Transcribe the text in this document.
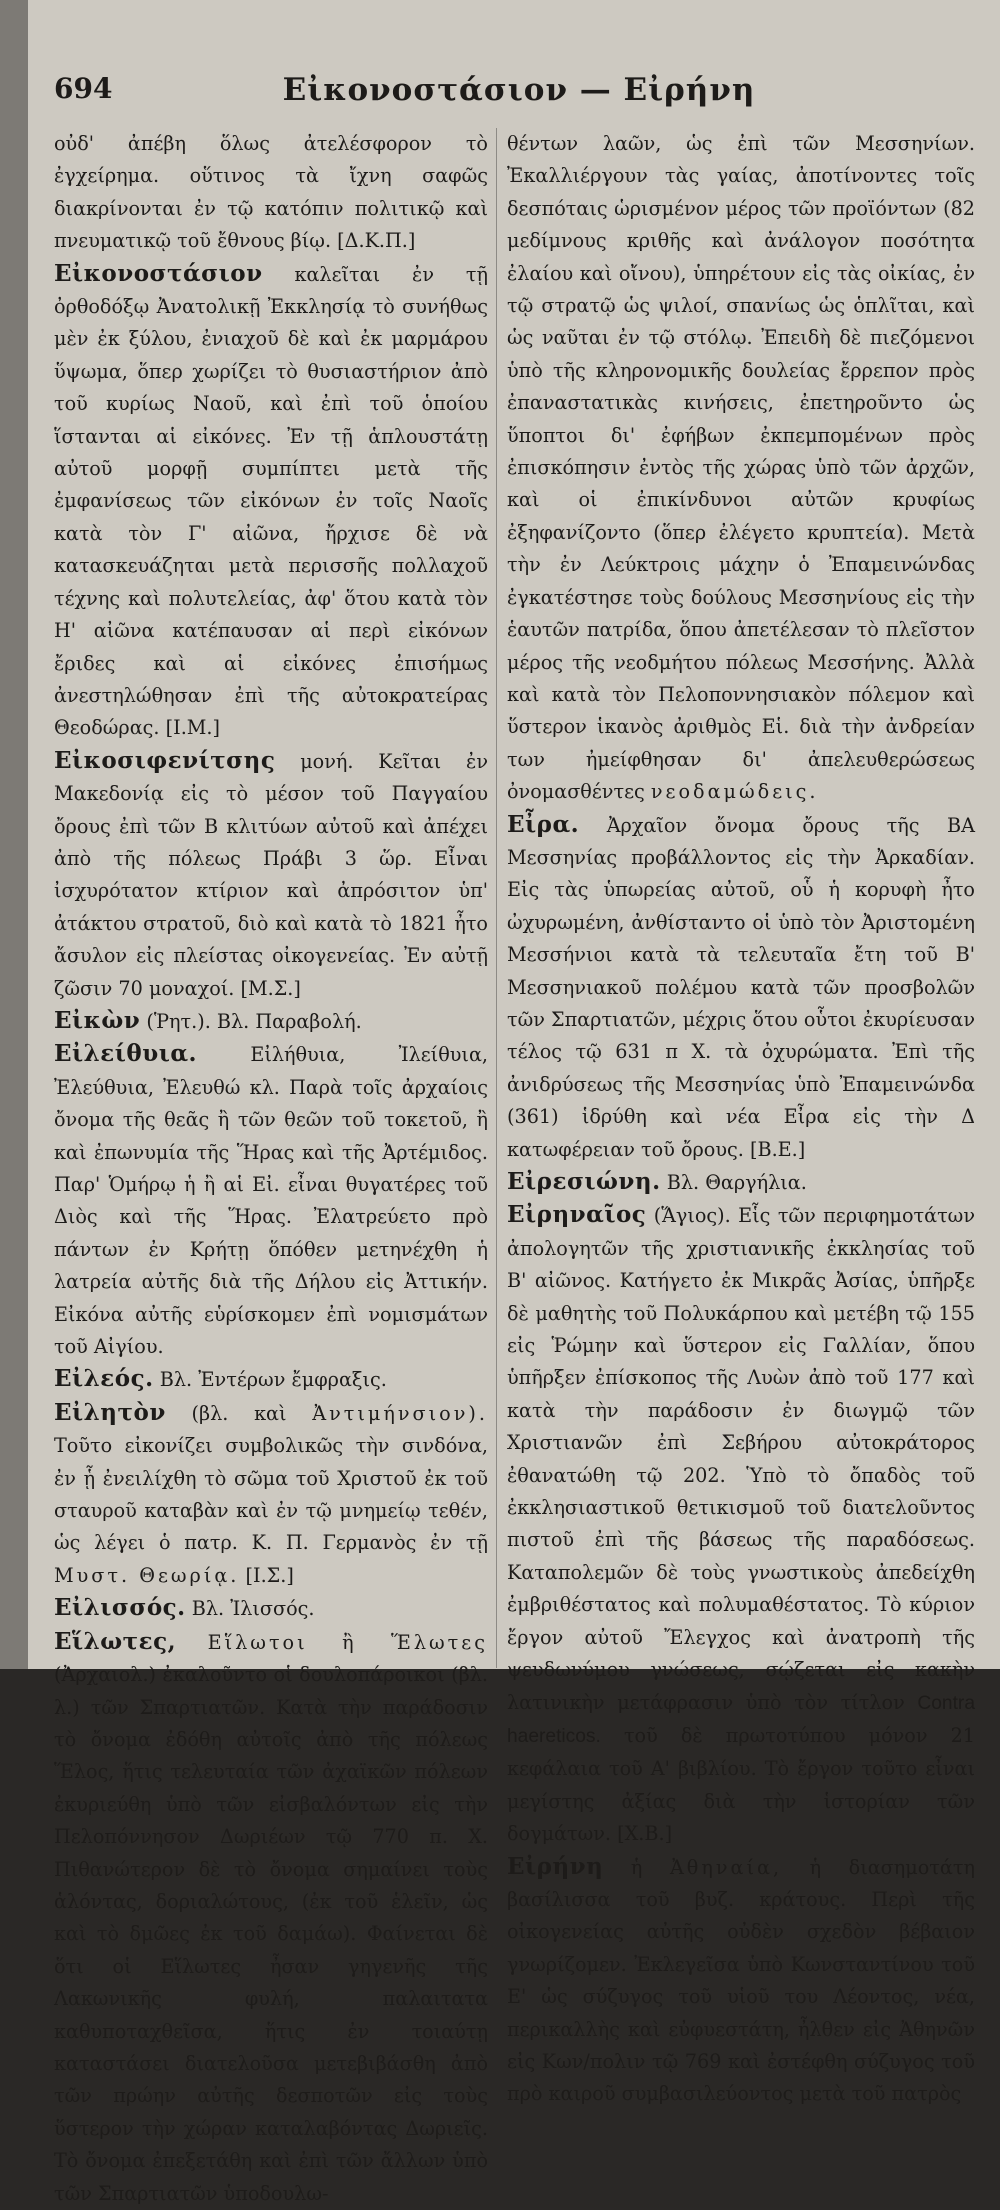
694	Εἰκονοστάσιον — Εἰρήνη

οὐδ' ἀπέβη ὅλως ἀτελέσφορον τὸ ἐγχείρημα. οὕτινος τὰ ἴχνη σαφῶς διακρίνονται ἐν τῷ κατόπιν πολιτικῷ καὶ πνευματικῷ τοῦ ἔθνους βίῳ. [Δ.Κ.Π.]

Εἰκονοστάσιον καλεῖται ἐν τῇ ὀρθοδόξῳ Ἀνατολικῇ Ἐκκλησίᾳ τὸ συνήθως μὲν ἐκ ξύλου, ἐνιαχοῦ δὲ καὶ ἐκ μαρμάρου ὕψωμα, ὅπερ χωρίζει τὸ θυσιαστήριον ἀπὸ τοῦ κυρίως Ναοῦ, καὶ ἐπὶ τοῦ ὁποίου ἵστανται αἱ εἰκόνες. Ἐν τῇ ἁπλουστάτῃ αὐτοῦ μορφῇ συμπίπτει μετὰ τῆς ἐμφανίσεως τῶν εἰκόνων ἐν τοῖς Ναοῖς κατὰ τὸν Γ' αἰῶνα, ἤρχισε δὲ νὰ κατασκευάζηται μετὰ περισσῆς πολλαχοῦ τέχνης καὶ πολυτελείας, ἀφ' ὅτου κατὰ τὸν Η' αἰῶνα κατέπαυσαν αἱ περὶ εἰκόνων ἔριδες καὶ αἱ εἰκόνες ἐπισήμως ἀνεστηλώθησαν ἐπὶ τῆς αὐτοκρατείρας Θεοδώρας. [Ι.Μ.]

Εἰκοσιφενίτσης μονή. Κεῖται ἐν Μακεδονίᾳ εἰς τὸ μέσον τοῦ Παγγαίου ὄρους ἐπὶ τῶν Β κλιτύων αὐτοῦ καὶ ἀπέχει ἀπὸ τῆς πόλεως Πράβι 3 ὥρ. Εἶναι ἰσχυρότατον κτίριον καὶ ἀπρόσιτον ὑπ' ἀτάκτου στρατοῦ, διὸ καὶ κατὰ τὸ 1821 ἦτο ἄσυλον εἰς πλείστας οἰκογενείας. Ἐν αὐτῇ ζῶσιν 70 μοναχοί. [Μ.Σ.]

Εἰκὼν (Ῥητ.). Βλ. Παραβολή.

Εἰλείθυια.	Εἰλήθυια, Ἰλείθυια, Ἐλεύθυια, Ἐλευθώ κλ. Παρὰ τοῖς ἀρχαίοις ὄνομα τῆς θεᾶς ἢ τῶν θεῶν τοῦ τοκετοῦ, ἢ καὶ ἐπωνυμία τῆς Ἥρας καὶ τῆς Ἀρτέμιδος. Παρ' Ὁμήρῳ ἡ ἢ αἱ Εἰ. εἶναι θυγατέρες τοῦ Διὸς καὶ τῆς Ἥρας. Ἐλατρεύετο πρὸ πάντων ἐν Κρήτῃ ὅπόθεν μετηνέχθη ἡ λατρεία αὐτῆς διὰ τῆς Δήλου εἰς Ἀττικήν. Εἰκόνα αὐτῆς εὑρίσκομεν ἐπὶ νομισμάτων τοῦ Αἰγίου.

Εἰλεός. Βλ. Ἐντέρων ἔμφραξις.

Εἰλητὸν (βλ. καὶ Ἀντιμήνσιον). Τοῦτο εἰκονίζει συμβολικῶς τὴν σινδόνα, ἐν ᾗ ἐνειλίχθη τὸ σῶμα τοῦ Χριστοῦ ἐκ τοῦ σταυροῦ καταβὰν καὶ ἐν τῷ μνημείῳ τεθέν, ὡς λέγει ὁ πατρ. Κ. Π. Γερμανὸς ἐν τῇ Μυστ. Θεωρίᾳ. [Ι.Σ.]

Εἰλισσός. Βλ. Ἰλισσός.

Εἵλωτες, Εἵλωτοι ἢ Ἕλωτες (Ἀρχαιολ.) ἐκαλοῦντο οἱ δουλοπάροικοι (βλ. λ.) τῶν Σπαρτιατῶν. Κατὰ τὴν παράδοσιν τὸ ὄνομα ἐδόθη αὐτοῖς ἀπὸ τῆς πόλεως Ἕλος, ἥτις τελευταία τῶν ἀχαϊκῶν πόλεων ἐκυριεύθη ὑπὸ τῶν εἰσβαλόντων εἰς τὴν Πελοπόννησον Δωριέων τῷ 770 π. Χ. Πιθανώτερον δὲ τὸ ὄνομα σημαίνει τοὺς ἁλόντας, δοριαλώτους, (ἐκ τοῦ ἑλεῖν, ὡς καὶ τὸ δμῶες ἐκ τοῦ δαμάω). Φαίνεται δὲ ὅτι οἱ Εἵλωτες ἦσαν γηγενῆς τῆς Λακωνικῆς φυλή, παλαιτατα καθυποταχθεῖσα, ἥτις ἐν τοιαύτῃ καταστάσει διατελοῦσα μετεβιβάσθη ἀπὸ τῶν πρώην αὐτῆς δεσποτῶν εἰς τοὺς ὕστερον τὴν χώραν καταλαβόντας Δωριεῖς. Τὸ ὄνομα ἐπεξετάθη καὶ ἐπὶ τῶν ἄλλων ὑπὸ τῶν Σπαρτιατῶν ὑποδουλω-

θέντων λαῶν, ὡς ἐπὶ τῶν Μεσσηνίων. Ἐκαλλιέργουν τὰς γαίας, ἀποτίνοντες τοῖς δεσπόταις ὡρισμένον μέρος τῶν προϊόντων (82 μεδίμνους κριθῆς καὶ ἀνάλογον ποσότητα ἐλαίου καὶ οἴνου), ὑπηρέτουν εἰς τὰς οἰκίας, ἐν τῷ στρατῷ ὡς ψιλοί, σπανίως ὡς ὁπλῖται, καὶ ὡς ναῦται ἐν τῷ στόλῳ. Ἐπειδὴ δὲ πιεζόμενοι ὑπὸ τῆς κληρονομικῆς δουλείας ἔρρεπον πρὸς ἐπαναστατικὰς κινήσεις, ἐπετηροῦντο ὡς ὕποπτοι δι' ἐφήβων ἐκπεμπομένων πρὸς ἐπισκόπησιν ἐντὸς τῆς χώρας ὑπὸ τῶν ἀρχῶν, καὶ οἱ ἐπικίνδυνοι αὐτῶν κρυφίως ἐξηφανίζοντο (ὅπερ ἐλέγετο κρυπτεία). Μετὰ τὴν ἐν Λεύκτροις μάχην ὁ Ἐπαμεινώνδας ἐγκατέστησε τοὺς δούλους Μεσσηνίους εἰς τὴν ἑαυτῶν πατρίδα, ὅπου ἀπετέλεσαν τὸ πλεῖστον μέρος τῆς νεοδμήτου πόλεως Μεσσήνης. Ἀλλὰ καὶ κατὰ τὸν Πελοποννησιακὸν πόλεμον καὶ ὕστερον ἱκανὸς ἀριθμὸς Εἱ. διὰ τὴν ἀνδρείαν των ἠμείφθησαν δι' ἀπελευθερώσεως ὀνομασθέντες νεοδαμώδεις.

Εἶρα. Ἀρχαῖον ὄνομα ὄρους τῆς ΒΑ Μεσσηνίας προβάλλοντος εἰς τὴν Ἀρκαδίαν. Εἰς τὰς ὑπωρείας αὐτοῦ, οὗ ἡ κορυφὴ ἦτο ὠχυρωμένη, ἀνθίσταντο οἱ ὑπὸ τὸν Ἀριστομένη Μεσσήνιοι κατὰ τὰ τελευταῖα ἔτη τοῦ Β' Μεσσηνιακοῦ πολέμου κατὰ τῶν προσβολῶν τῶν Σπαρτιατῶν, μέχρις ὅτου οὗτοι ἐκυρίευσαν τέλος τῷ 631 π Χ. τὰ ὀχυρώματα. Ἐπὶ τῆς ἀνιδρύσεως τῆς Μεσσηνίας ὑπὸ Ἐπαμεινώνδα (361) ἱδρύθη καὶ νέα Εἶρα εἰς τὴν Δ κατωφέρειαν τοῦ ὄρους. [Β.Ε.]

Εἰρεσιώνη. Βλ. Θαργήλια.

Εἰρηναῖος (Ἅγιος). Εἷς τῶν περιφημοτάτων ἀπολογητῶν τῆς χριστιανικῆς ἐκκλησίας τοῦ Β' αἰῶνος. Κατήγετο ἐκ Μικρᾶς Ἀσίας, ὑπῆρξε δὲ μαθητὴς τοῦ Πολυκάρπου καὶ μετέβη τῷ 155 εἰς Ῥώμην καὶ ὕστερον εἰς Γαλλίαν, ὅπου ὑπῆρξεν ἐπίσκοπος τῆς Λυὼν ἀπὸ τοῦ 177 καὶ κατὰ τὴν παράδοσιν ἐν διωγμῷ τῶν Χριστιανῶν ἐπὶ Σεβήρου αὐτοκράτορος ἐθανατώθη τῷ 202. Ὑπὸ τὸ ὄπαδὸς τοῦ ἐκκλησιαστικοῦ θετικισμοῦ τοῦ διατελοῦντος πιστοῦ ἐπὶ τῆς βάσεως τῆς παραδόσεως. Καταπολεμῶν δὲ τοὺς γνωστικοὺς ἀπεδείχθη ἐμβριθέστατος καὶ πολυμαθέστατος. Τὸ κύριον ἔργον αὐτοῦ Ἔλεγχος καὶ ἀνατροπὴ τῆς ψευδωνύμου γνώσεως, σῴζεται εἰς κακὴν λατινικὴν μετάφρασιν ὑπὸ τὸν τίτλον Contra haereticos. τοῦ δὲ πρωτοτύπου μόνον 21 κεφάλαια τοῦ Α' βιβλίου. Τὸ ἔργον τοῦτο εἶναι μεγίστης ἀξίας διὰ τὴν ἱστορίαν τῶν δογμάτων. [Χ.Β.]

Εἰρήνη ἡ Ἀθηναία, ἡ διασημοτάτη βασίλισσα τοῦ βυζ. κράτους. Περὶ τῆς οἰκογενείας αὐτῆς οὐδὲν σχεδὸν βέβαιον γνωρίζομεν. Ἐκλεγεῖσα ὑπὸ Κωνσταντίνου τοῦ Ε' ὡς σύζυγος τοῦ υἱοῦ του Λέοντος, νέα, περικαλλὴς καὶ εὐφυεστάτη, ἦλθεν εἰς Ἀθηνῶν εἰς Κων/πολιν τῷ 769 καὶ ἐστέφθη σύζυγος τοῦ πρὸ καιροῦ συμβασιλεύοντος μετὰ τοῦ πατρὸς
